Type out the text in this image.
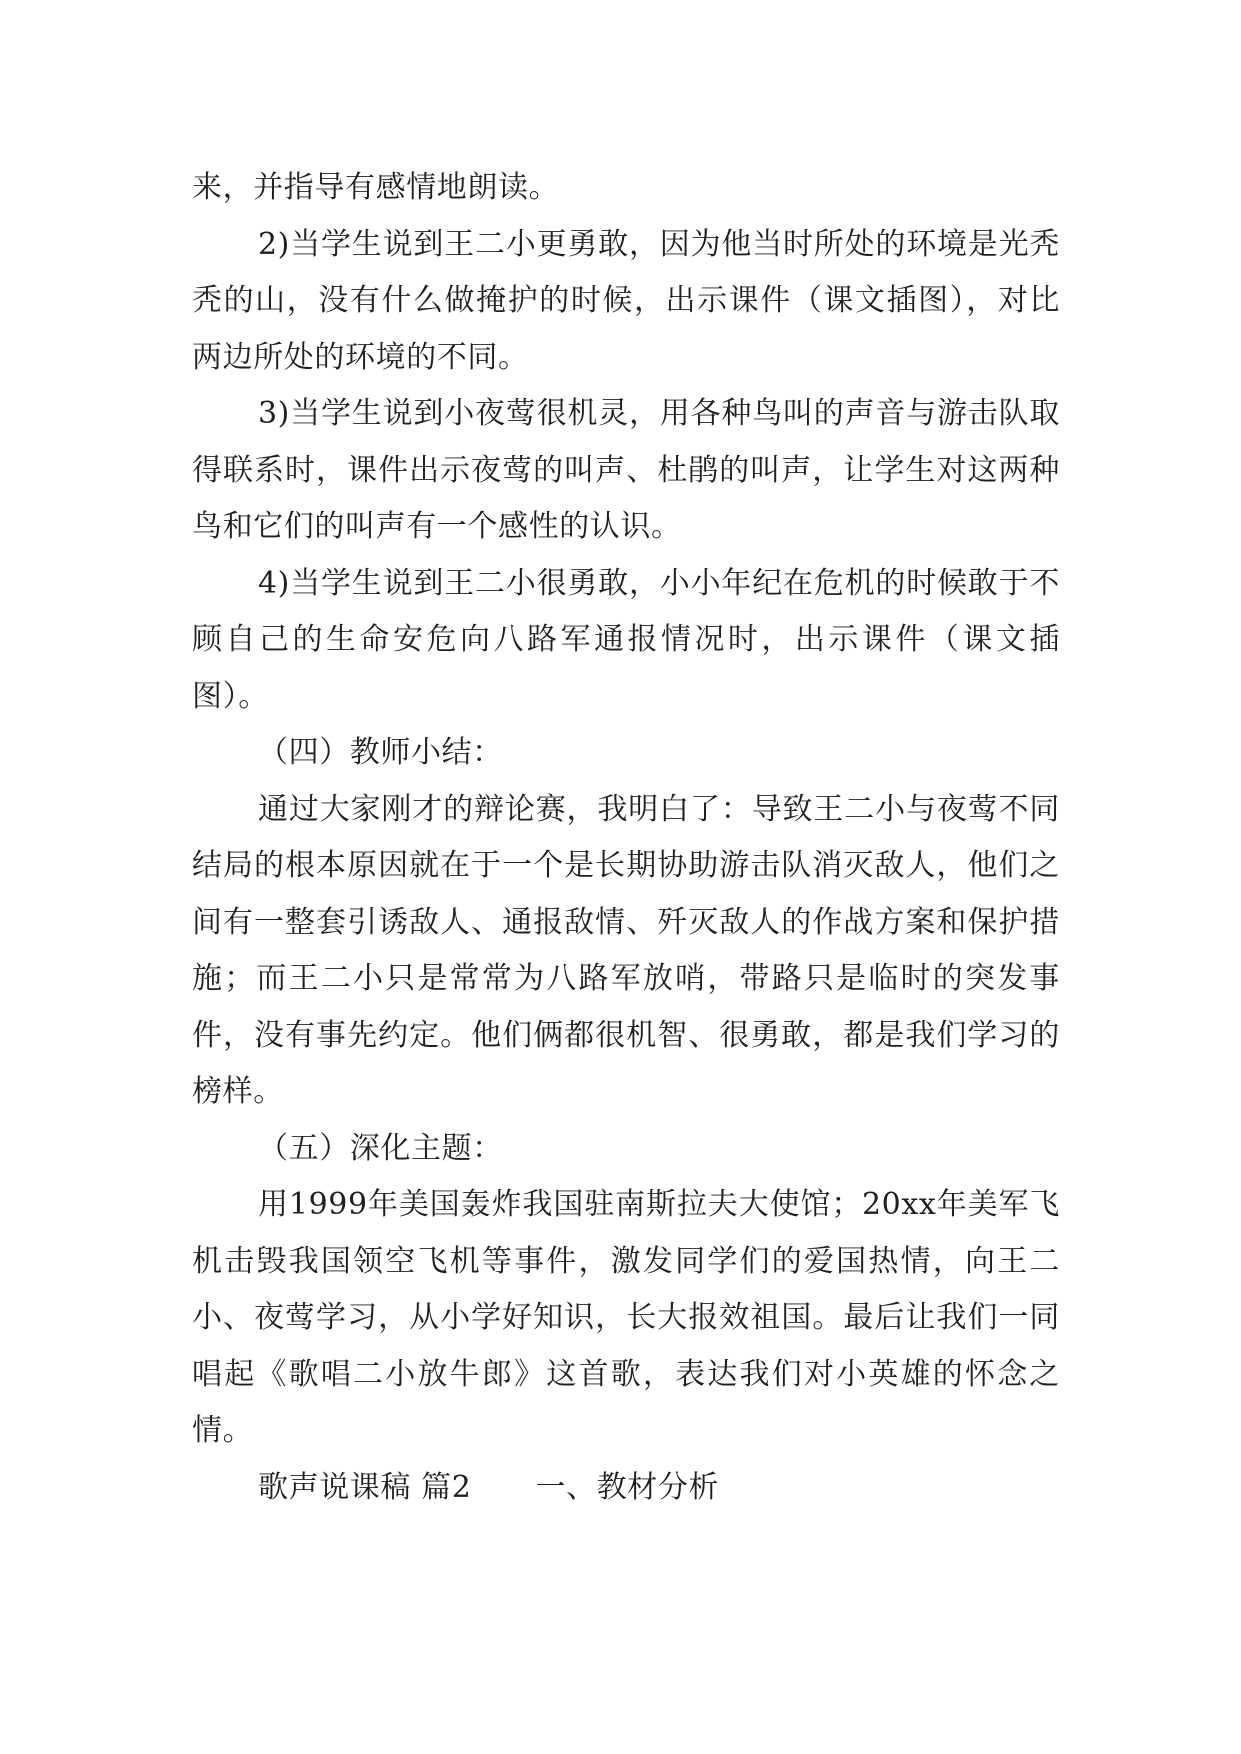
来，并指导有感情地朗读。

2)当学生说到王二小更勇敢，因为他当时所处的环境是光秃秃的山，没有什么做掩护的时候，出示课件（课文插图），对比两边所处的环境的不同。

3)当学生说到小夜莺很机灵，用各种鸟叫的声音与游击队取得联系时，课件出示夜莺的叫声、杜鹃的叫声，让学生对这两种鸟和它们的叫声有一个感性的认识。

4)当学生说到王二小很勇敢，小小年纪在危机的时候敢于不顾自己的生命安危向八路军通报情况时，出示课件（课文插图）。

（四）教师小结：

通过大家刚才的辩论赛，我明白了：导致王二小与夜莺不同结局的根本原因就在于一个是长期协助游击队消灭敌人，他们之间有一整套引诱敌人、通报敌情、歼灭敌人的作战方案和保护措施；而王二小只是常常为八路军放哨，带路只是临时的突发事件，没有事先约定。他们俩都很机智、很勇敢，都是我们学习的榜样。

（五）深化主题：

用1999年美国轰炸我国驻南斯拉夫大使馆；20xx年美军飞机击毁我国领空飞机等事件，激发同学们的爱国热情，向王二小、夜莺学习，从小学好知识，长大报效祖国。最后让我们一同唱起《歌唱二小放牛郎》这首歌，表达我们对小英雄的怀念之情。

歌声说课稿 篇2 一、教材分析
